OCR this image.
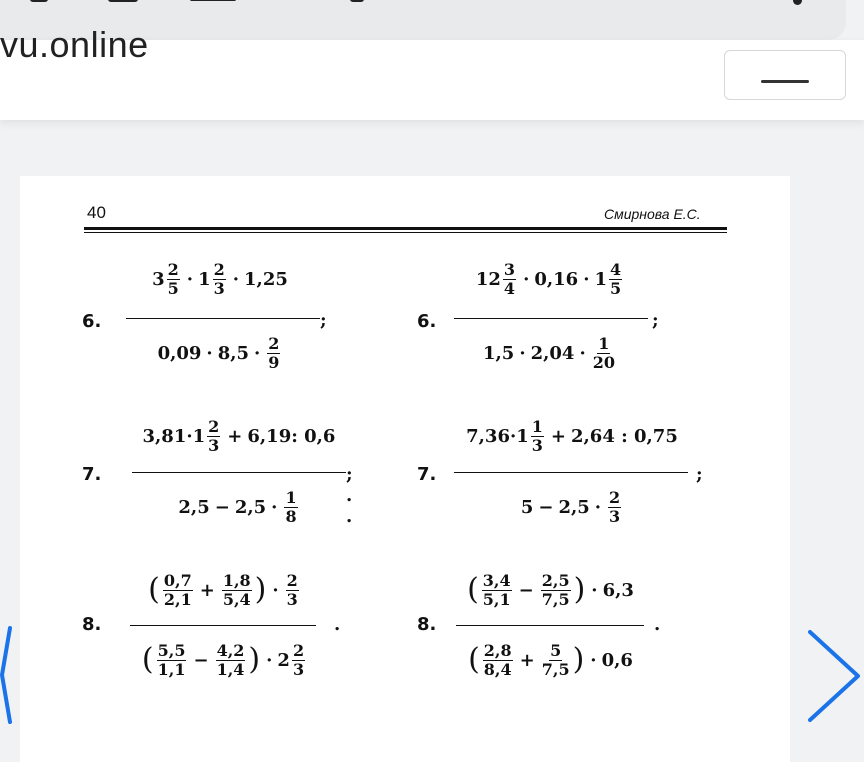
vu.online
40	Смирнова Е.С.
6.
$3 \frac{2}{5} \cdot 1 \frac{2}{3} \cdot 1,25$
;
$0,09 \cdot 8,5 \cdot \frac{2}{9}$
6.
$12 \frac{3}{4} \cdot 0,16 \cdot 1 \frac{4}{5}$
;
$1,5 \cdot 2,04 \cdot \frac{1}{20}$
7.
$3,81\cdot 1 \frac{2}{3} + 6,19$: 0,6
; . .
$2,5 - 2,5 \cdot \frac{1}{8}$
7.
$7,36\cdot 1 \frac{1}{3} + 2,64$ : 0,75
;
$5 - 2,5 \cdot \frac{2}{3}$
8.
( $\frac{0,7}{2,1} + \frac{1,8}{5,4}$ ) · $\frac{2}{3}$
.
( $\frac{5,5}{1,1} - \frac{4,2}{1,4}$ ) · $2 \frac{2}{3}$
8.
( $\frac{3,4}{5,1} - \frac{2,5}{7,5}$ ) · 6,3
.
( $\frac{2,8}{8,4} + \frac{5}{7,5}$ ) · 0,6
